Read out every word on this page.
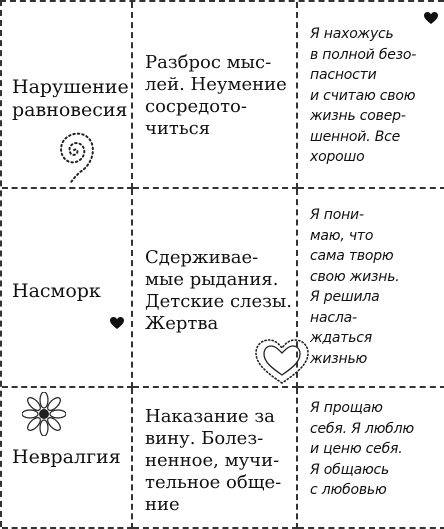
Нарушение
равновесия
Разброс мыс-
лей. Неумение
сосредото-
читься
Я нахожусь
в полной безо-
пасности
и считаю свою
жизнь совер-
шенной. Все
хорошо
Насморк
Сдерживае-
мые рыдания.
Детские слезы.
Жертва
Я пони-
маю, что
сама творю
свою жизнь.
Я решила
наслa-
ждаться
жизнью
Невралгия
Наказание за
вину. Болез-
ненное, мучи-
тельное обще-
ние
Я прощаю
себя. Я люблю
и ценю себя.
Я общаюсь
с любовью
